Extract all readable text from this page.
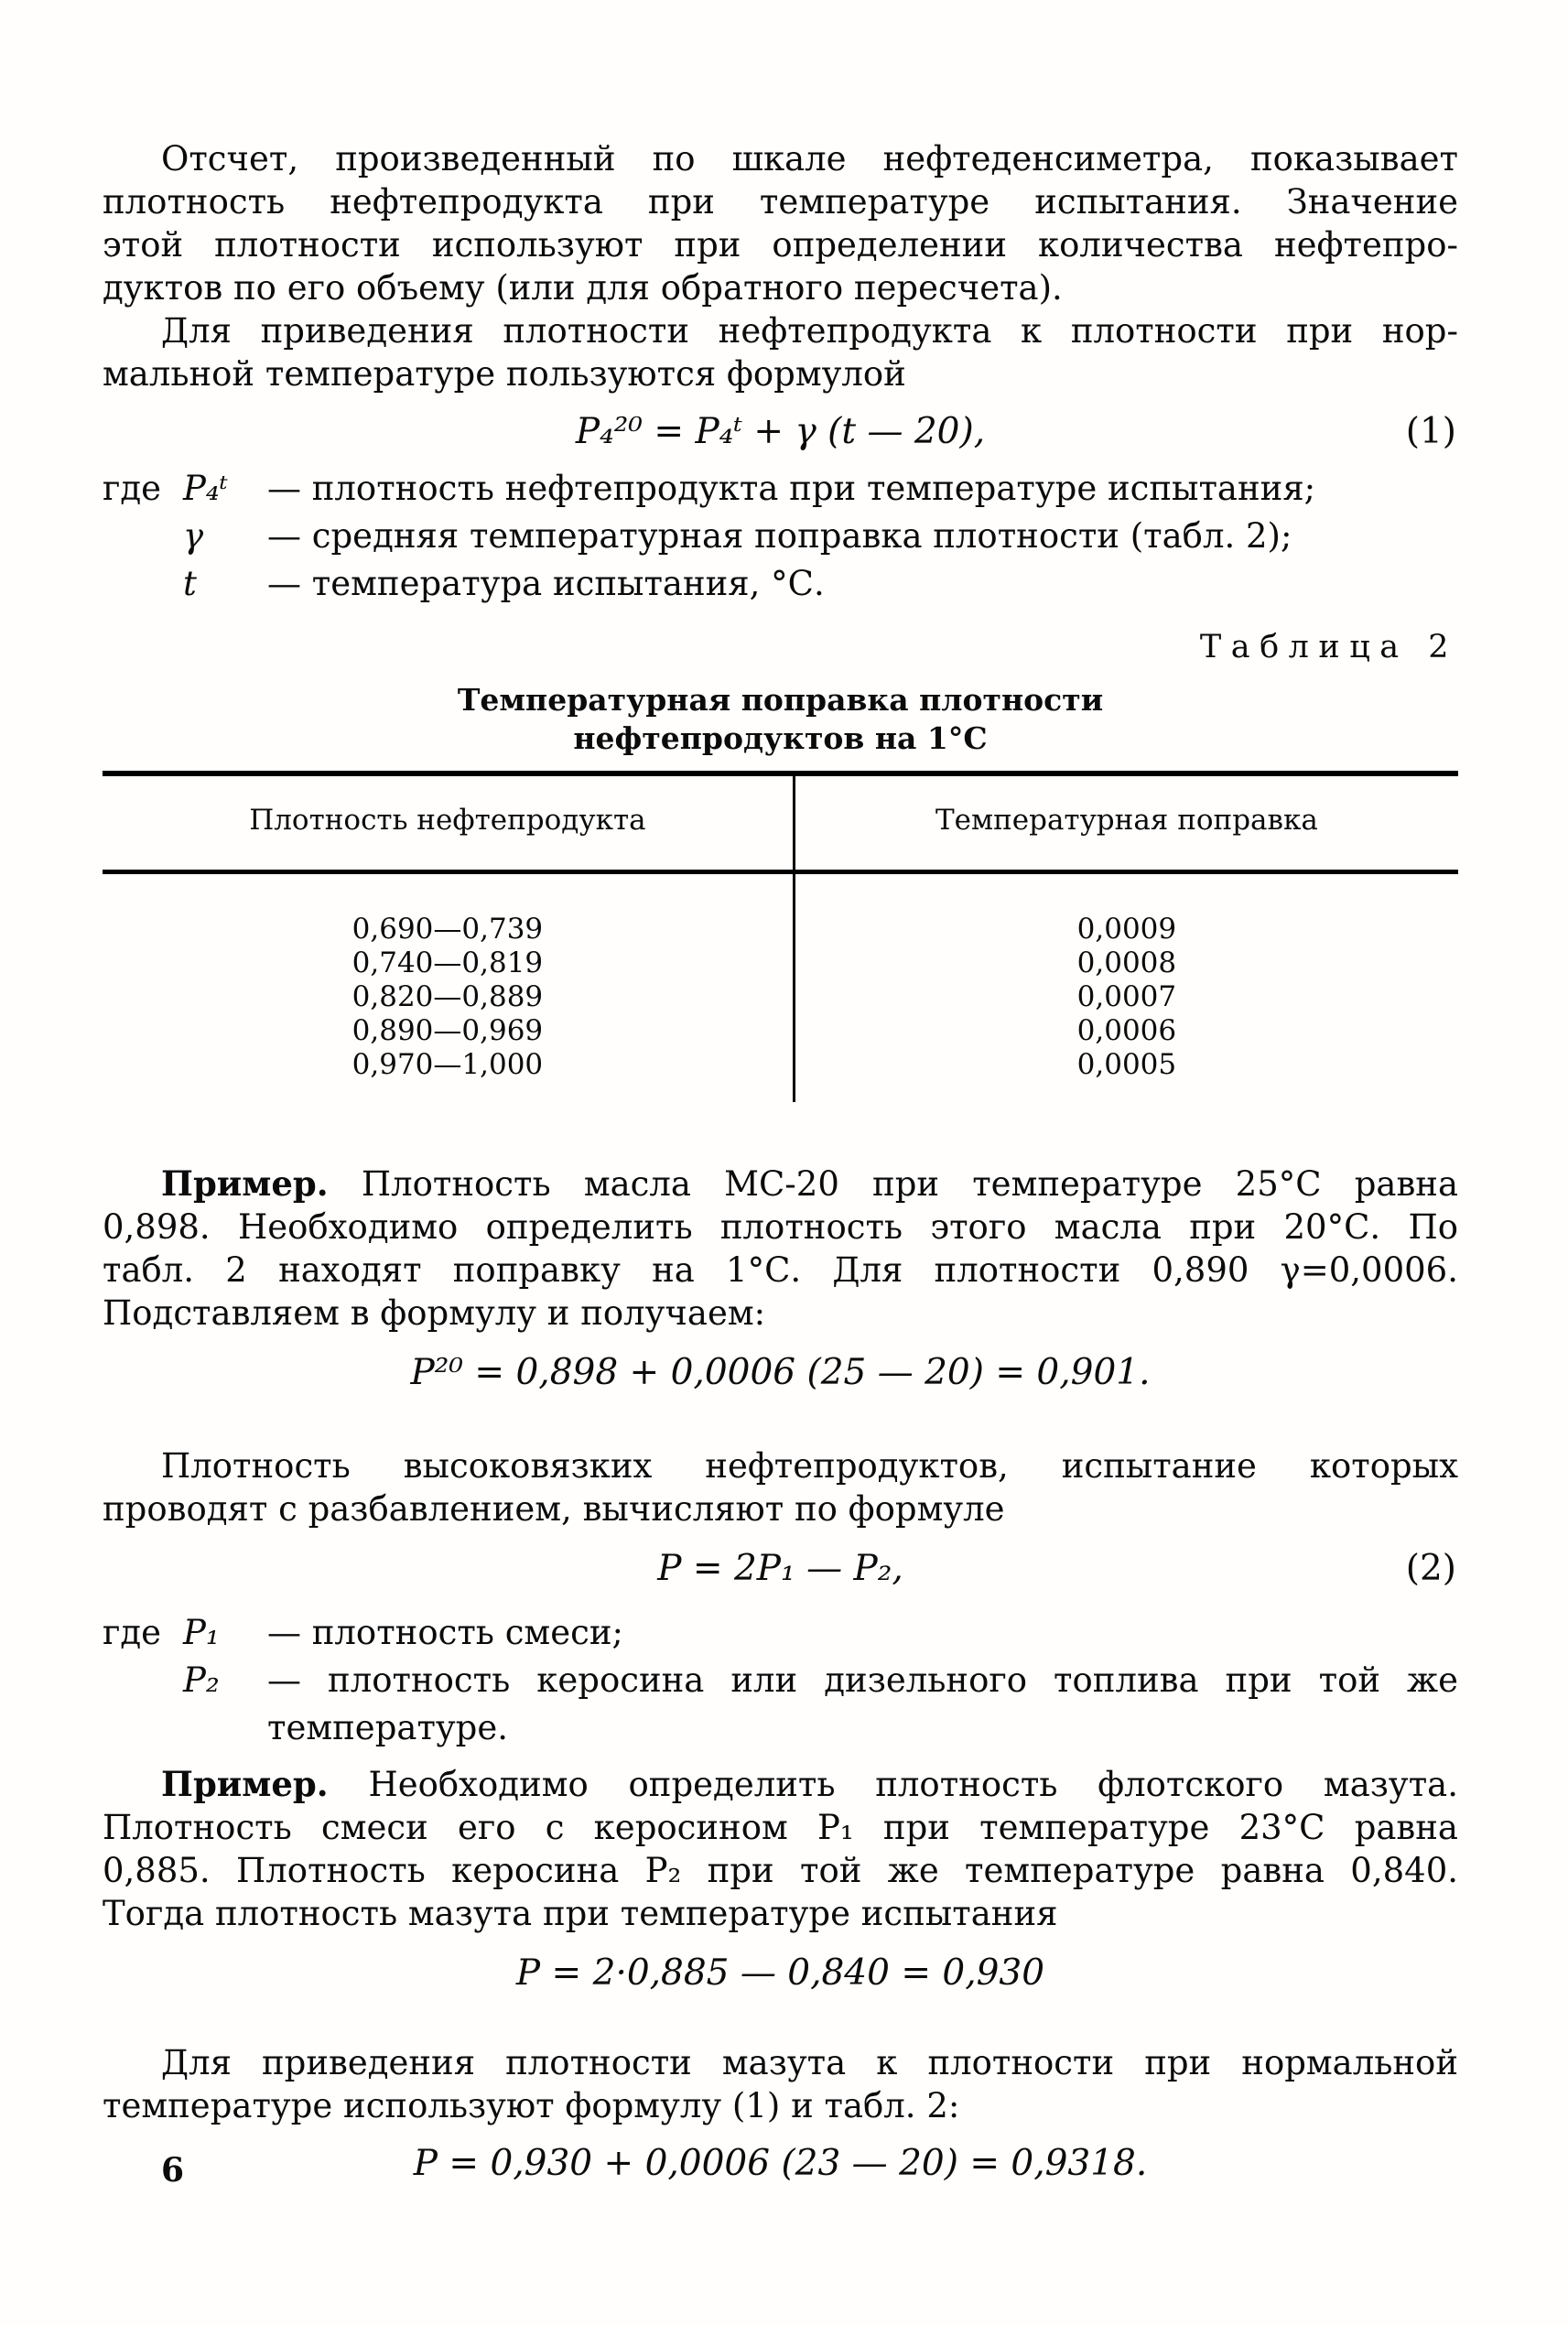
Отсчет, произведенный по шкале нефтеденсиметра, показывает
плотность нефтепродукта при температуре испытания. Значение
этой плотности используют при определении количества нефтепро-
дуктов по его объему (или для обратного пересчета).
Для приведения плотности нефтепродукта к плотности при нор-
мальной температуре пользуются формулой
P₄²⁰ = P₄ᵗ + γ (t — 20),	(1)
где P₄ᵗ	— плотность нефтепродукта при температуре испытания;
γ	— средняя температурная поправка плотности (табл. 2);
t	— температура испытания, °С.
Таблица 2
Температурная поправка плотности
нефтепродуктов на 1°С
Плотность нефтепродукта	Температурная поправка
0,690—0,739	0,0009
0,740—0,819	0,0008
0,820—0,889	0,0007
0,890—0,969	0,0006
0,970—1,000	0,0005
Пример. Плотность масла МС-20 при температуре 25°С равна
0,898. Необходимо определить плотность этого масла при 20°С. По
табл. 2 находят поправку на 1°С. Для плотности 0,890 γ=0,0006.
Подставляем в формулу и получаем:
P²⁰ = 0,898 + 0,0006 (25 — 20) = 0,901.
Плотность высоковязких нефтепродуктов, испытание которых
проводят с разбавлением, вычисляют по формуле
P = 2P₁ — P₂,	(2)
где P₁	— плотность смеси;
P₂	— плотность керосина или дизельного топлива при той же
температуре.
Пример. Необходимо определить плотность флотского мазута.
Плотность смеси его с керосином P₁ при температуре 23°С равна
0,885. Плотность керосина P₂ при той же температуре равна 0,840.
Тогда плотность мазута при температуре испытания
P = 2·0,885 — 0,840 = 0,930
Для приведения плотности мазута к плотности при нормальной
температуре используют формулу (1) и табл. 2:
P = 0,930 + 0,0006 (23 — 20) = 0,9318.
6
